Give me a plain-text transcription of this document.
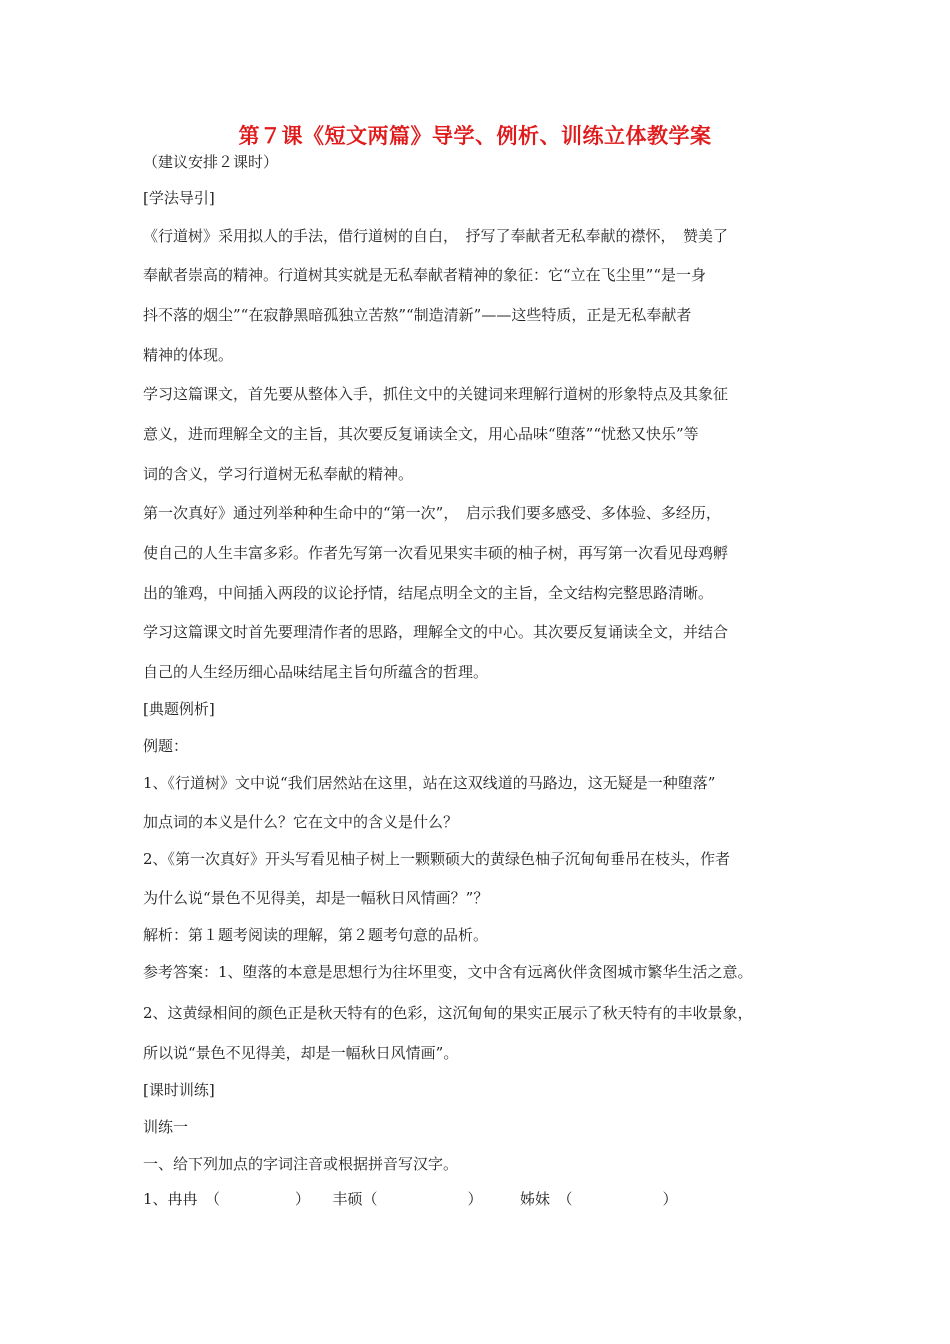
第７课《短文两篇》导学、例析、训练立体教学案
（建议安排２课时）
[学法导引]
《行道树》采用拟人的手法，借行道树的自白，　抒写了奉献者无私奉献的襟怀，　赞美了
奉献者崇高的精神。行道树其实就是无私奉献者精神的象征：它“立在飞尘里”“是一身
抖不落的烟尘”“在寂静黑暗孤独立苦熬”“制造清新”——这些特质，正是无私奉献者
精神的体现。
学习这篇课文，首先要从整体入手，抓住文中的关键词来理解行道树的形象特点及其象征
意义，进而理解全文的主旨，其次要反复诵读全文，用心品味“堕落”“忧愁又快乐”等
词的含义，学习行道树无私奉献的精神。
第一次真好》通过列举种种生命中的“第一次”，　启示我们要多感受、多体验、多经历，
使自己的人生丰富多彩。作者先写第一次看见果实丰硕的柚子树，再写第一次看见母鸡孵
出的雏鸡，中间插入两段的议论抒情，结尾点明全文的主旨，全文结构完整思路清晰。
学习这篇课文时首先要理清作者的思路，理解全文的中心。其次要反复诵读全文，并结合
自己的人生经历细心品味结尾主旨句所蕴含的哲理。
[典题例析]
例题：
1、《行道树》文中说“我们居然站在这里，站在这双线道的马路边，这无疑是一种堕落”
加点词的本义是什么？它在文中的含义是什么？
2、《第一次真好》开头写看见柚子树上一颗颗硕大的黄绿色柚子沉甸甸垂吊在枝头，作者
为什么说“景色不见得美，却是一幅秋日风情画？”？
解析：第１题考阅读的理解，第２题考句意的品析。
参考答案：1、堕落的本意是思想行为往坏里变，文中含有远离伙伴贪图城市繁华生活之意。
2、这黄绿相间的颜色正是秋天特有的色彩，这沉甸甸的果实正展示了秋天特有的丰收景象，
所以说“景色不见得美，却是一幅秋日风情画”。
[课时训练]
训练一
一、给下列加点的字词注音或根据拼音写汉字。
1、冉冉　（　　　　　）　　丰硕（　　　　　　）　　　姊妹　（　　　　　　）
